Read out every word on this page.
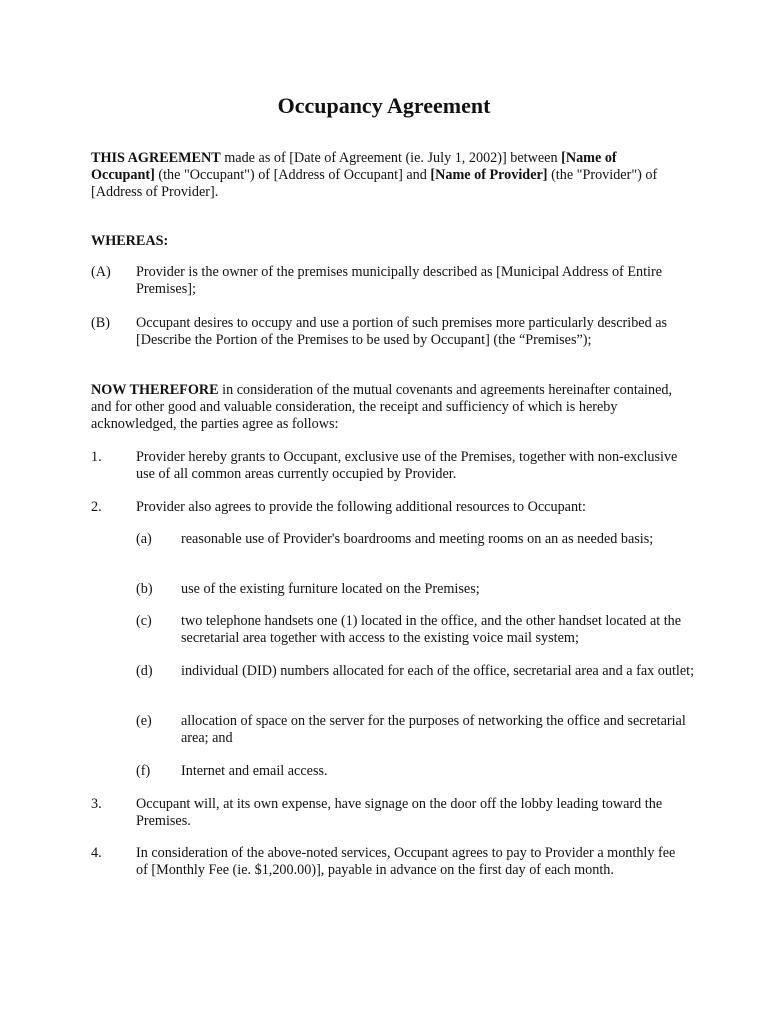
Occupancy Agreement
THIS AGREEMENT made as of [Date of Agreement (ie. July 1, 2002)] between [Name of Occupant] (the "Occupant") of [Address of Occupant] and [Name of Provider] (the "Provider") of [Address of Provider].
WHEREAS:
(A) Provider is the owner of the premises municipally described as [Municipal Address of Entire Premises];
(B) Occupant desires to occupy and use a portion of such premises more particularly described as [Describe the Portion of the Premises to be used by Occupant] (the “Premises”);
NOW THEREFORE in consideration of the mutual covenants and agreements hereinafter contained, and for other good and valuable consideration, the receipt and sufficiency of which is hereby acknowledged, the parties agree as follows:
1. Provider hereby grants to Occupant, exclusive use of the Premises, together with non-exclusive use of all common areas currently occupied by Provider.
2. Provider also agrees to provide the following additional resources to Occupant:
(a) reasonable use of Provider's boardrooms and meeting rooms on an as needed basis;
(b) use of the existing furniture located on the Premises;
(c) two telephone handsets one (1) located in the office, and the other handset located at the secretarial area together with access to the existing voice mail system;
(d) individual (DID) numbers allocated for each of the office, secretarial area and a fax outlet;
(e) allocation of space on the server for the purposes of networking the office and secretarial area; and
(f) Internet and email access.
3. Occupant will, at its own expense, have signage on the door off the lobby leading toward the Premises.
4. In consideration of the above-noted services, Occupant agrees to pay to Provider a monthly fee of [Monthly Fee (ie. $1,200.00)], payable in advance on the first day of each month.
